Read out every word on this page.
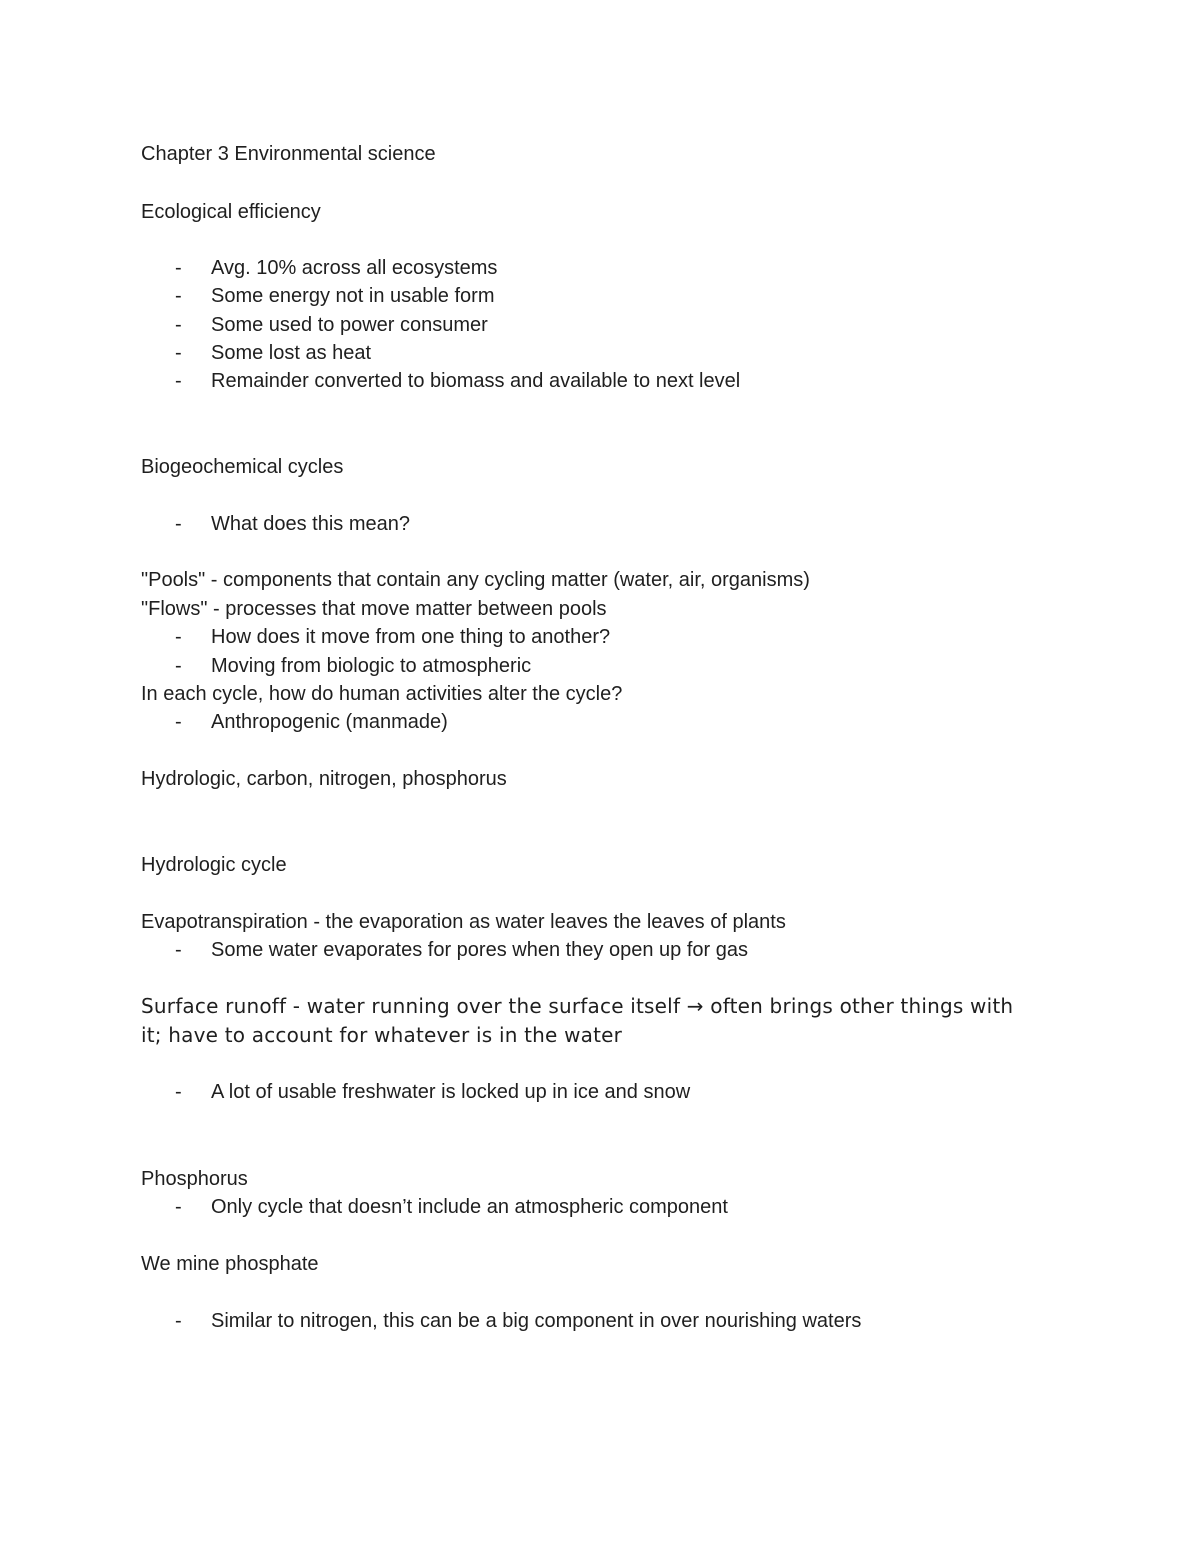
Chapter 3 Environmental science
Ecological efficiency
- Avg. 10% across all ecosystems
- Some energy not in usable form
- Some used to power consumer
- Some lost as heat
- Remainder converted to biomass and available to next level
Biogeochemical cycles
- What does this mean?
"Pools" - components that contain any cycling matter (water, air, organisms)
"Flows" - processes that move matter between pools
- How does it move from one thing to another?
- Moving from biologic to atmospheric
In each cycle, how do human activities alter the cycle?
- Anthropogenic (manmade)
Hydrologic, carbon, nitrogen, phosphorus
Hydrologic cycle
Evapotranspiration - the evaporation as water leaves the leaves of plants
- Some water evaporates for pores when they open up for gas
Surface runoff - water running over the surface itself → often brings other things with it; have to account for whatever is in the water
- A lot of usable freshwater is locked up in ice and snow
Phosphorus
- Only cycle that doesn’t include an atmospheric component
We mine phosphate
- Similar to nitrogen, this can be a big component in over nourishing waters
